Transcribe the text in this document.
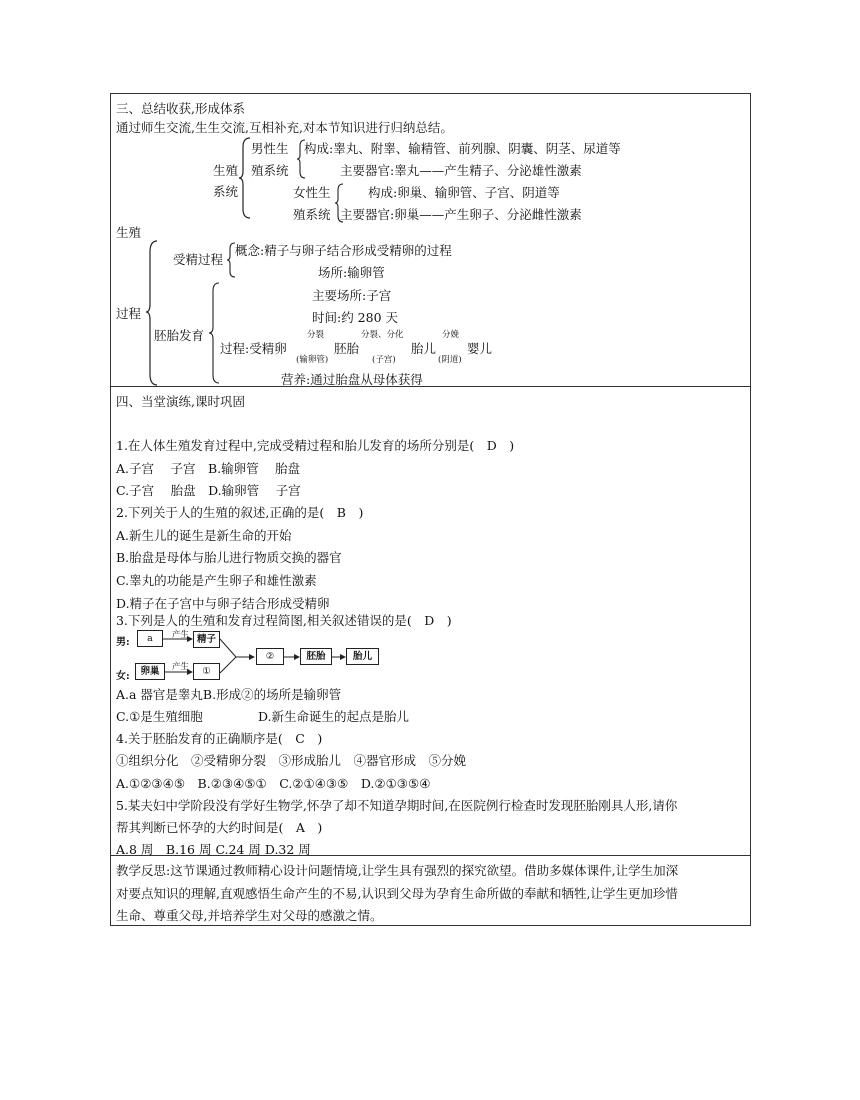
三、总结收获,形成体系
通过师生交流,生生交流,互相补充,对本节知识进行归纳总结。
生殖
系统
男性生
殖系统
构成:睾丸、附睾、输精管、前列腺、阴囊、阴茎、尿道等
主要器官:睾丸——产生精子、分泌雄性激素
女性生
殖系统
构成:卵巢、输卵管、子宫、阴道等
主要器官:卵巢——产生卵子、分泌雌性激素
生殖
过程
受精过程
概念:精子与卵子结合形成受精卵的过程
场所:输卵管
胚胎发育
主要场所:子宫
时间:约 280 天
过程:受精卵
分裂
(输卵管)
胚胎
分裂、分化
(子宫)
胎儿
分娩
(阴道)
婴儿
营养:通过胎盘从母体获得
四、当堂演练,课时巩固
1.在人体生殖发育过程中,完成受精过程和胎儿发育的场所分别是(　D　)
A.子宫　 子宫　B.输卵管　 胎盘
C.子宫　 胎盘　D.输卵管　 子宫
2.下列关于人的生殖的叙述,正确的是(　B　)
A.新生儿的诞生是新生命的开始
B.胎盘是母体与胎儿进行物质交换的器官
C.睾丸的功能是产生卵子和雄性激素
D.精子在子宫中与卵子结合形成受精卵
3.下列是人的生殖和发育过程简图,相关叙述错误的是(　D　)
男:	a	产生 精子
女:	卵巢	产生	①
②	胚胎	胎儿
A.a 器官是睾丸B.形成②的场所是输卵管
C.①是生殖细胞	D.新生命诞生的起点是胎儿
4.关于胚胎发育的正确顺序是(　C　)
①组织分化　②受精卵分裂　③形成胎儿　④器官形成　⑤分娩
A.①②③④⑤　B.②③④⑤①　C.②①④③⑤　D.②①③⑤④
5.某夫妇中学阶段没有学好生物学,怀孕了却不知道孕期时间,在医院例行检查时发现胚胎刚具人形,请你
帮其判断已怀孕的大约时间是(　A　)
A.8 周　B.16 周 C.24 周 D.32 周
教学反思:这节课通过教师精心设计问题情境,让学生具有强烈的探究欲望。借助多媒体课件,让学生加深
对要点知识的理解,直观感悟生命产生的不易,认识到父母为孕育生命所做的奉献和牺牲,让学生更加珍惜
生命、尊重父母,并培养学生对父母的感激之情。
